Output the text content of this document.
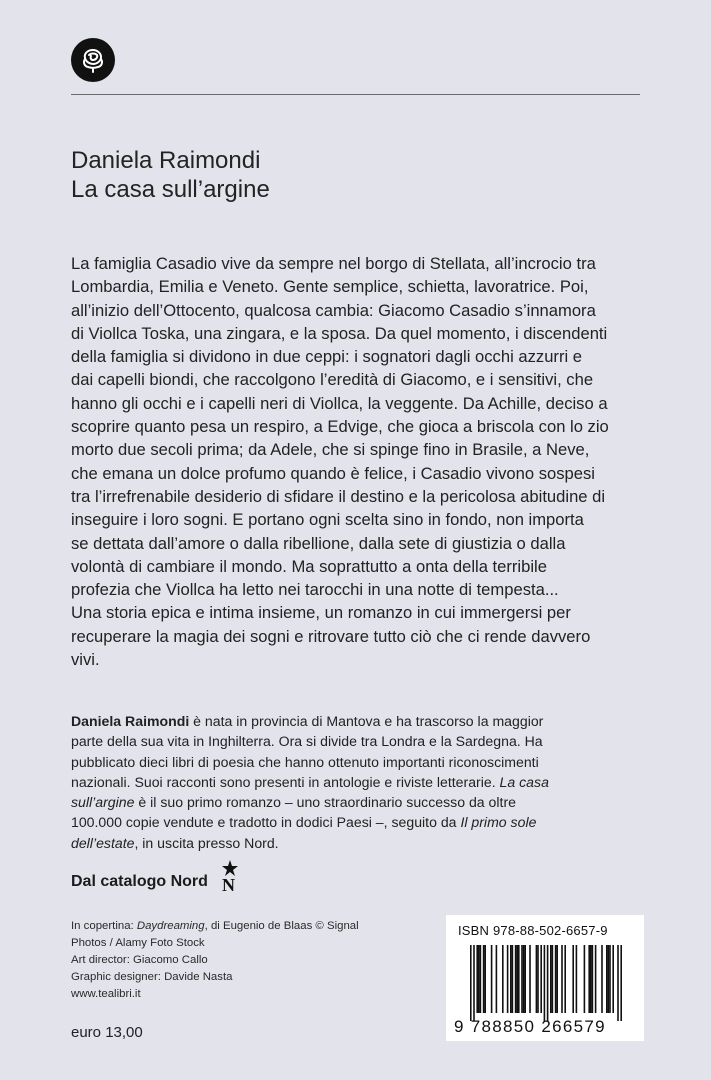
Daniela Raimondi
La casa sull’argine
La famiglia Casadio vive da sempre nel borgo di Stellata, all’incrocio tra
Lombardia, Emilia e Veneto. Gente semplice, schietta, lavoratrice. Poi,
all’inizio dell’Ottocento, qualcosa cambia: Giacomo Casadio s’innamora
di Viollca Toska, una zingara, e la sposa. Da quel momento, i discendenti
della famiglia si dividono in due ceppi: i sognatori dagli occhi azzurri e
dai capelli biondi, che raccolgono l’eredità di Giacomo, e i sensitivi, che
hanno gli occhi e i capelli neri di Viollca, la veggente. Da Achille, deciso a
scoprire quanto pesa un respiro, a Edvige, che gioca a briscola con lo zio
morto due secoli prima; da Adele, che si spinge fino in Brasile, a Neve,
che emana un dolce profumo quando è felice, i Casadio vivono sospesi
tra l’irrefrenabile desiderio di sfidare il destino e la pericolosa abitudine di
inseguire i loro sogni. E portano ogni scelta sino in fondo, non importa
se dettata dall’amore o dalla ribellione, dalla sete di giustizia o dalla
volontà di cambiare il mondo. Ma soprattutto a onta della terribile
profezia che Viollca ha letto nei tarocchi in una notte di tempesta...
Una storia epica e intima insieme, un romanzo in cui immergersi per
recuperare la magia dei sogni e ritrovare tutto ciò che ci rende davvero
vivi.
Daniela Raimondi è nata in provincia di Mantova e ha trascorso la maggior
parte della sua vita in Inghilterra. Ora si divide tra Londra e la Sardegna. Ha
pubblicato dieci libri di poesia che hanno ottenuto importanti riconoscimenti
nazionali. Suoi racconti sono presenti in antologie e riviste letterarie. La casa
sull’argine è il suo primo romanzo – uno straordinario successo da oltre
100.000 copie vendute e tradotto in dodici Paesi –, seguito da Il primo sole
dell’estate, in uscita presso Nord.
Dal catalogo Nord N
In copertina: Daydreaming, di Eugenio de Blaas © Signal
Photos / Alamy Foto Stock
Art director: Giacomo Callo
Graphic designer: Davide Nasta
www.tealibri.it
euro 13,00
ISBN 978-88-502-6657-9
9 788850 266579
